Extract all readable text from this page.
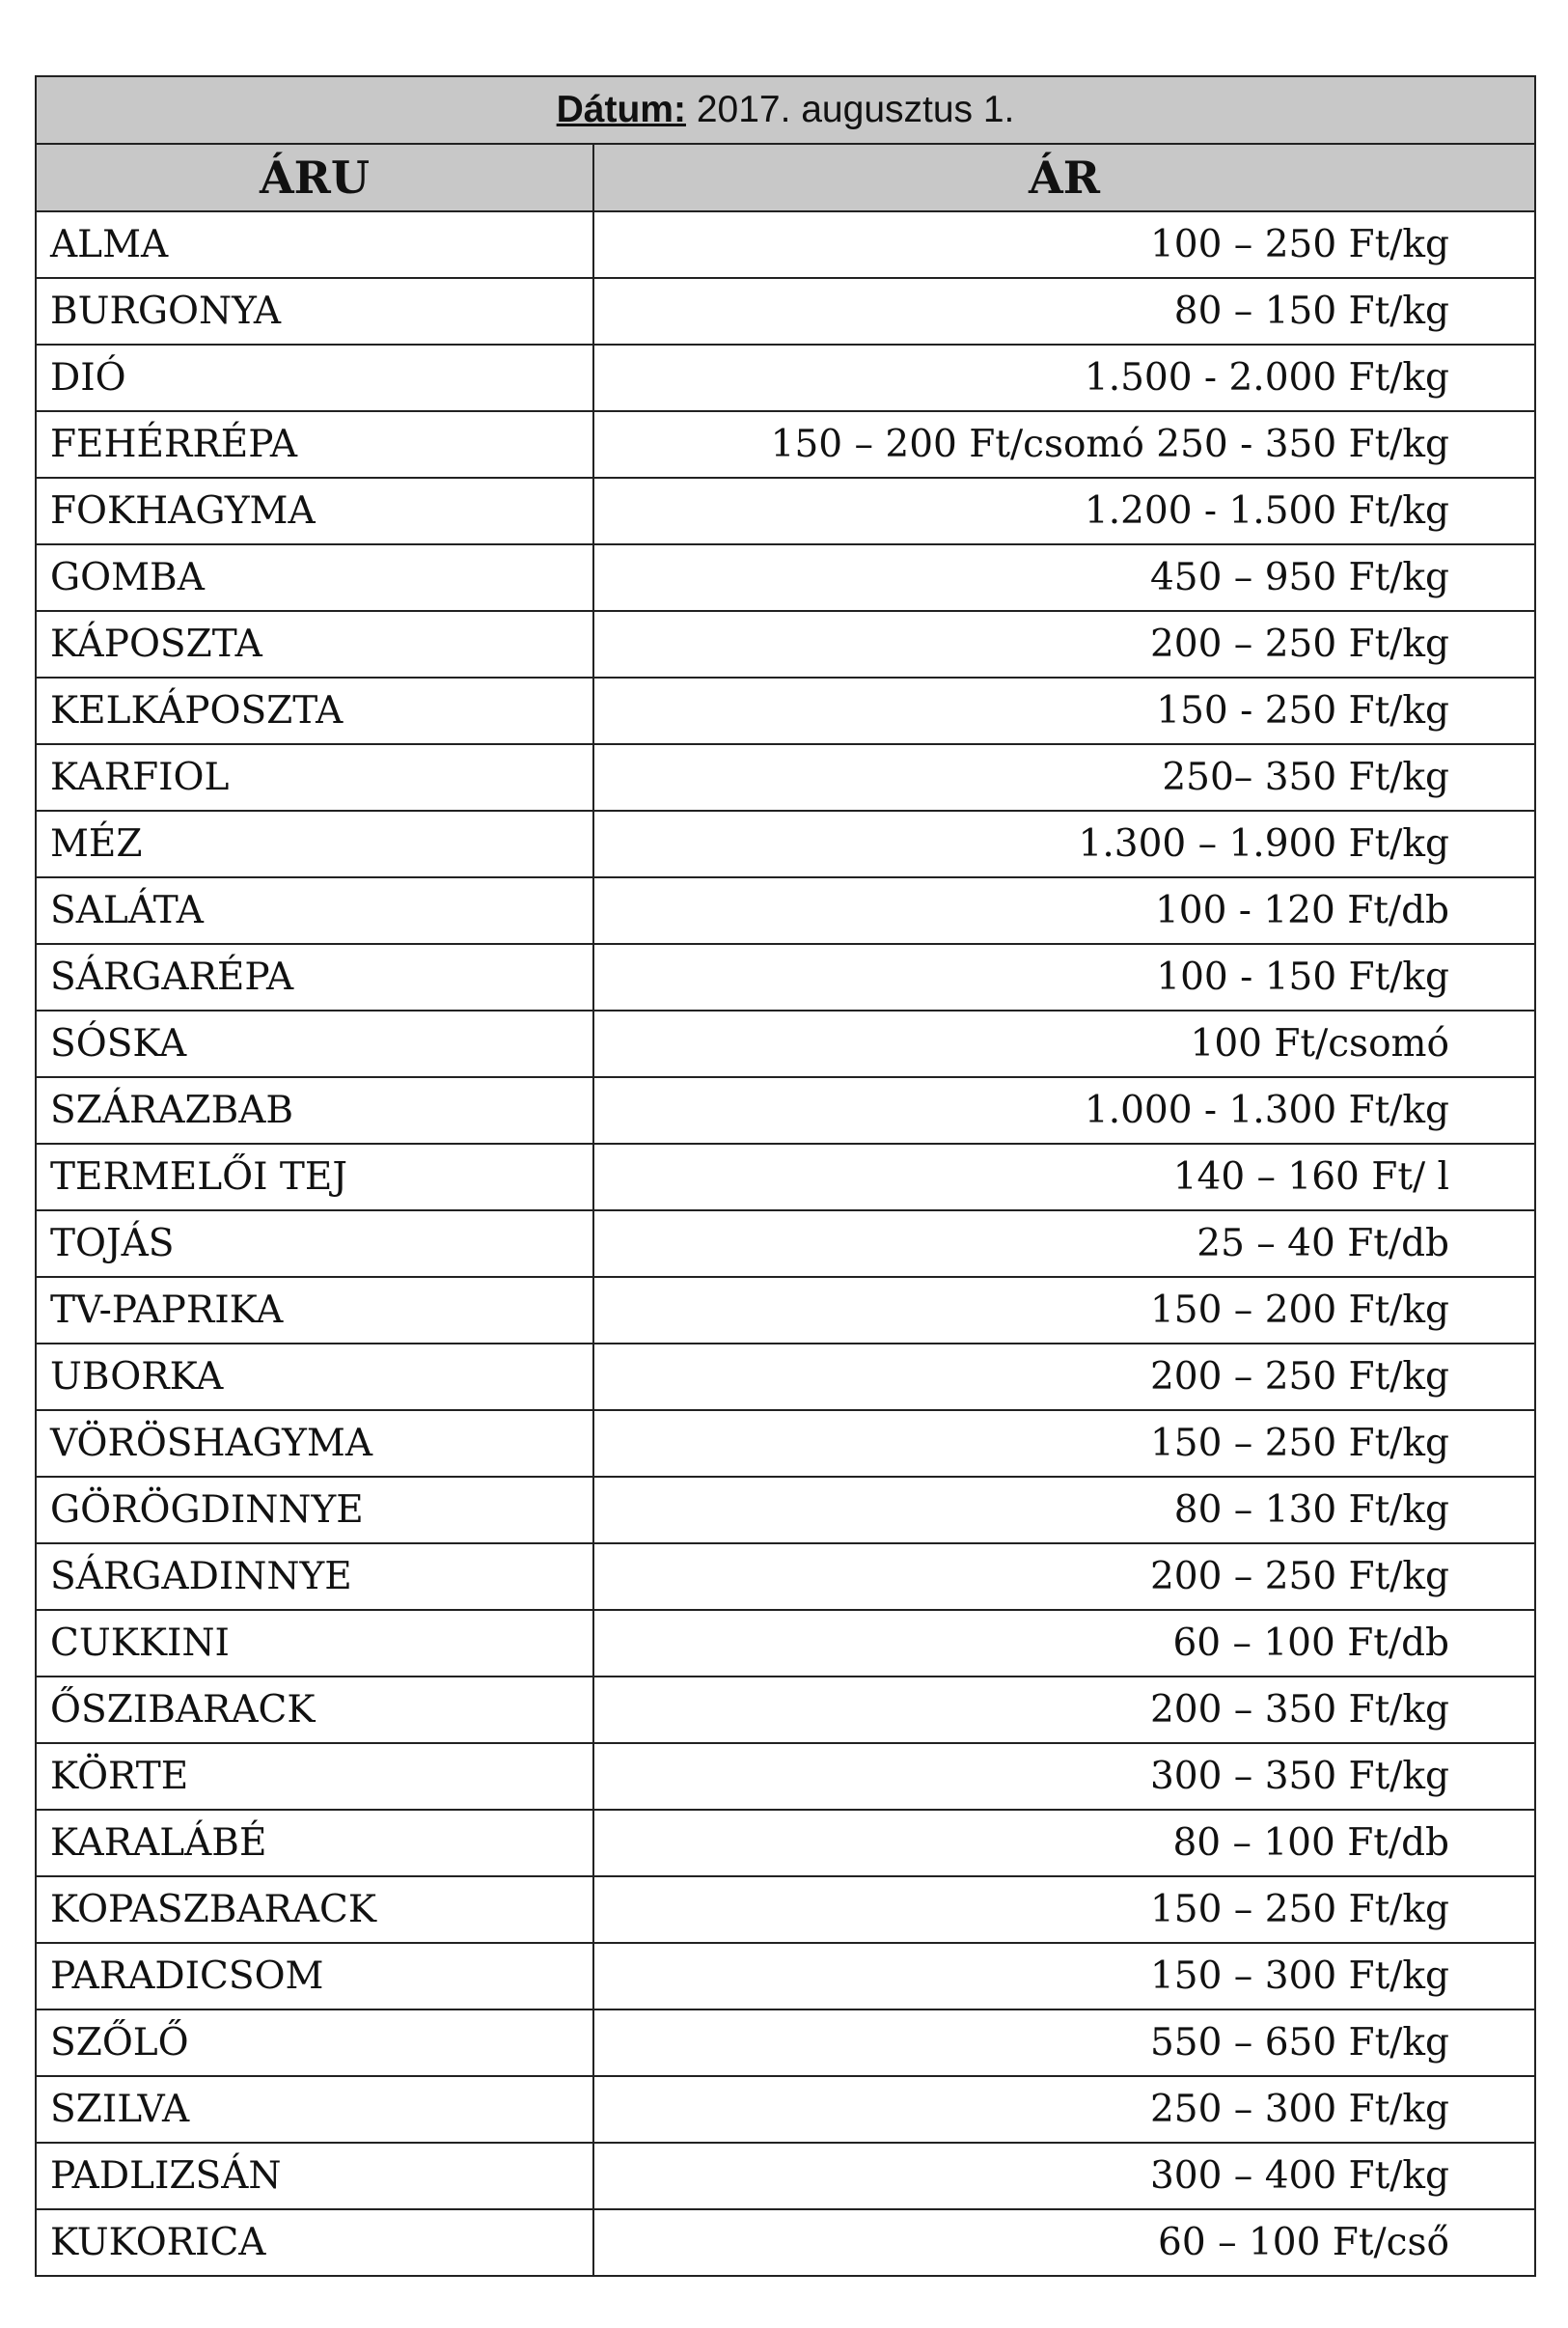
Dátum: 2017. augusztus 1.	
ÁRU	ÁR
ALMA	100 – 250 Ft/kg
BURGONYA	80 – 150 Ft/kg
DIÓ	1.500 - 2.000 Ft/kg
FEHÉRRÉPA	150 – 200 Ft/csomó 250 - 350 Ft/kg
FOKHAGYMA	1.200 - 1.500 Ft/kg
GOMBA	450 – 950 Ft/kg
KÁPOSZTA	200 – 250 Ft/kg
KELKÁPOSZTA	150 - 250 Ft/kg
KARFIOL	250– 350 Ft/kg
MÉZ	1.300 – 1.900 Ft/kg
SALÁTA	100 - 120 Ft/db
SÁRGARÉPA	100 - 150 Ft/kg
SÓSKA	100 Ft/csomó
SZÁRAZBAB	1.000 - 1.300 Ft/kg
TERMELŐI TEJ	140 – 160 Ft/ l
TOJÁS	25 – 40 Ft/db
TV-PAPRIKA	150 – 200 Ft/kg
UBORKA	200 – 250 Ft/kg
VÖRÖSHAGYMA	150 – 250 Ft/kg
GÖRÖGDINNYE	80 – 130 Ft/kg
SÁRGADINNYE	200 – 250 Ft/kg
CUKKINI	60 – 100 Ft/db
ŐSZIBARACK	200 – 350 Ft/kg
KÖRTE	300 – 350 Ft/kg
KARALÁBÉ	80 – 100 Ft/db
KOPASZBARACK	150 – 250 Ft/kg
PARADICSOM	150 – 300 Ft/kg
SZŐLŐ	550 – 650 Ft/kg
SZILVA	250 – 300 Ft/kg
PADLIZSÁN	300 – 400 Ft/kg
KUKORICA	60 – 100 Ft/cső
